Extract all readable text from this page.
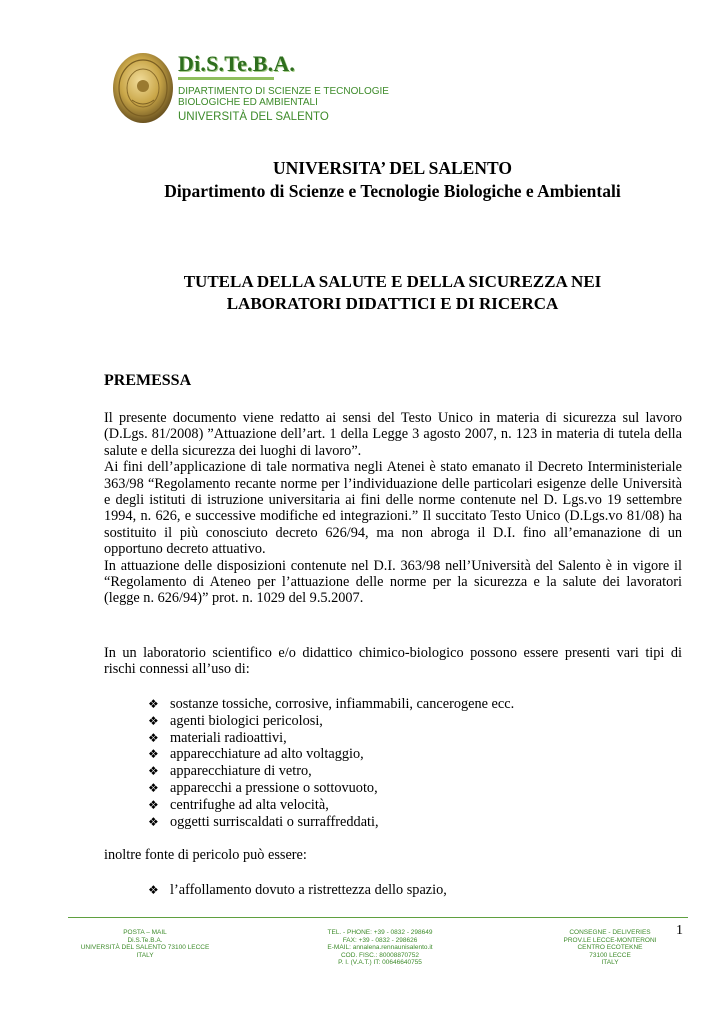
Di.S.Te.B.A.
DIPARTIMENTO DI SCIENZE E TECNOLOGIE
BIOLOGICHE ED AMBIENTALI
UNIVERSITÀ DEL SALENTO
UNIVERSITA’ DEL SALENTO
Dipartimento di Scienze e Tecnologie Biologiche e Ambientali
TUTELA DELLA SALUTE E DELLA SICUREZZA NEI
LABORATORI DIDATTICI E DI RICERCA
PREMESSA

Il presente documento viene redatto ai sensi del Testo Unico in materia di sicurezza sul lavoro (D.Lgs. 81/2008) ”Attuazione dell’art. 1 della Legge 3 agosto 2007, n. 123 in materia di tutela della salute e della sicurezza dei luoghi di lavoro”.

Ai fini dell’applicazione di tale normativa negli Atenei è stato emanato il Decreto Interministeriale 363/98 “Regolamento recante norme per l’individuazione delle particolari esigenze delle Università e degli istituti di istruzione universitaria ai fini delle norme contenute nel D. Lgs.vo 19 settembre 1994, n. 626, e successive modifiche ed integrazioni.” Il succitato Testo Unico (D.Lgs.vo 81/08) ha sostituito il più conosciuto decreto 626/94, ma non abroga il D.I. fino all’emanazione di un opportuno decreto attuativo.

In attuazione delle disposizioni contenute nel D.I. 363/98 nell’Università del Salento è in vigore il “Regolamento di Ateneo per l’attuazione delle norme per la sicurezza e la salute dei lavoratori (legge n. 626/94)” prot. n. 1029 del 9.5.2007.

In un laboratorio scientifico e/o didattico chimico-biologico possono essere presenti vari tipi di rischi connessi all’uso di:

❖ sostanze tossiche, corrosive, infiammabili, cancerogene ecc.
❖ agenti biologici pericolosi,
❖ materiali radioattivi,
❖ apparecchiature ad alto voltaggio,
❖ apparecchiature di vetro,
❖ apparecchi a pressione o sottovuoto,
❖ centrifughe ad alta velocità,
❖ oggetti surriscaldati o surraffreddati,
inoltre fonte di pericolo può essere:
❖ l’affollamento dovuto a ristrettezza dello spazio,
1
POSTA – MAIL
Di.S.Te.B.A.
UNIVERSITÀ DEL SALENTO 73100 LECCE
ITALY
TEL. - PHONE: +39 - 0832 - 298649
FAX: +39 - 0832 - 298626
E-MAIL: annalena.rennaunisalento.it
COD. FISC.: 80008870752
P. I. (V.A.T.) IT: 00646640755
CONSEGNE - DELIVERIES
PROV.LE LECCE-MONTERONI
CENTRO ECOTEKNE
73100 LECCE
ITALY
